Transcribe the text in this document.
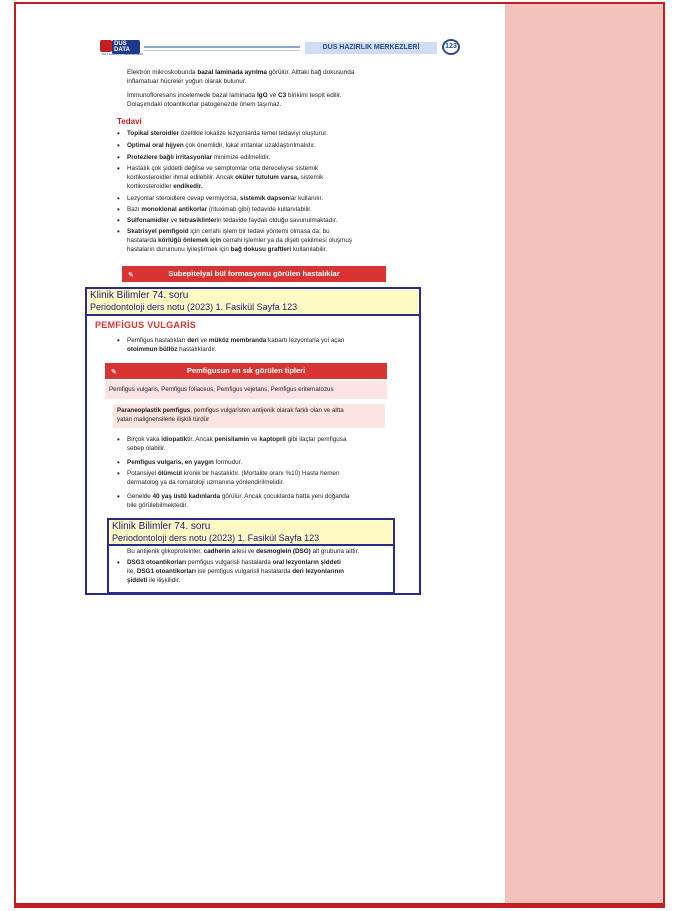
DUS DATA
DUS HAZIRLIK MERKEZLERİ
DUS HAZIRLIK MERKEZLERİ	123
Elektron mikroskobunda bazal laminada ayrılma görülür. Alttaki bağ dokusunda
inflamatuar hücreler yoğun olarak bulunur.
İmmunofloresans incelemede bazal laminada IgG ve C3 birikimi tespit edilir.
Dolaşımdaki otoantikorlar patogenezde önem taşımaz.
Tedavi
• Topikal steroidler özellikle lokalize lezyonlarda temel tedaviyi oluşturur.
• Optimal oral hijyen çok önemlidir, lokal irritanlar uzaklaştırılmalıdır.
• Protezlere bağlı irritasyonlar minimize edilmelidir.
• Hastalık çok şiddetli değilse ve semptomlar orta dereceliyse sistemik
kortikosteroidler ihmal edilebilir. Ancak oküler tutulum varsa, sistemik
kortikosteroidler endikedir.
• Lezyonlar steroidlere cevap vermiyorsa, sistemik dapsonlar kullanılır.
• Bazı monoklonal antikorlar (rituximab gibi) tedavide kullanılabilir.
• Sulfonamidler ve tetrasiklinlerin tedavide faydalı olduğu savunulmaktadır.
• Skatrisyel pemfigoid için cerrahi işlem bir tedavi yöntemi olmasa da; bu
hastalarda körlüğü önlemek için cerrahi işlemler ya da dişeti çekilmesi oluşmuş
hastaların durumunu iyileştirmek için bağ dokusu graftleri kullanılabilir.
✎	Subepitelyal bül formasyonu görülen hastalıklar
Klinik Bilimler 74. soru
Periodontoloji ders notu (2023) 1. Fasikül Sayfa 123
PEMFİGUS VULGARİS
• Pemfigus hastalıkları deri ve müköz membranda kabartı lezyonlarla yol açan
otoimmun büllöz hastalıklardır.
✎	Pemfigusun en sık görülen tipleri
Pemfigus vulgaris, Pemfigus foliaceus, Pemfigus vejetans, Pemfigus eritematozus
Paraneoplastik pemfigus, pemfigus vulgaristen antijenik olarak farklı olan ve altta
yatan malignensilerle ilişkili türdür
• Birçok vaka idiopatiktir. Ancak penisilamin ve kaptopril gibi ilaçlar pemfigusa
sebep olabilir.
• Pemfigus vulgaris, en yaygın formudur.
• Potansiyel ölümcül kronik bir hastalıktır. (Mortalite oranı %10) Hasta hemen
dermatolog ya da romatoloji uzmanına yönlendirilmelidir.
• Genelde 40 yaş üstü kadınlarda görülür. Ancak çocuklarda hatta yeni doğanda
bile görülebilmektedir.
Klinik Bilimler 74. soru
Periodontoloji ders notu (2023) 1. Fasikül Sayfa 123
Bu antijenik glikoproteinler, cadherin ailesi ve desmoglein (DSG) alt grubuna aittir.
• DSG3 otoantikorları pemfigus vulgarisli hastalarda oral lezyonların şiddeti
ile, DSG1 otoantikorları ise pemfigus vulgarisli hastalarda deri lezyonlarının
şiddeti ile ilişkilidir.
